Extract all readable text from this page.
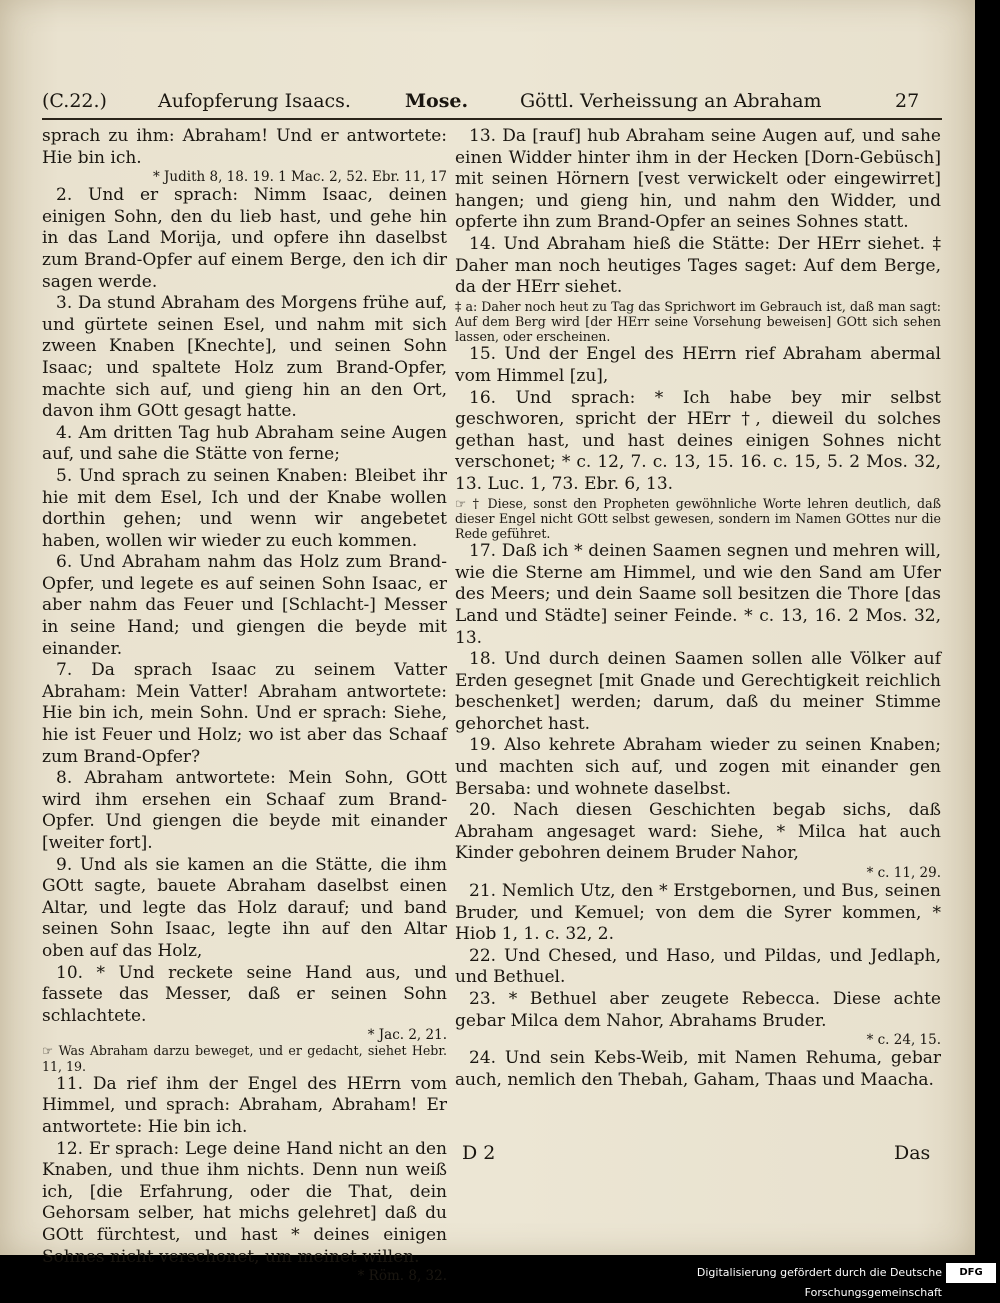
(C.22.)	Aufopferung Isaacs.	Mose.	Göttl. Verheissung an Abraham	27

sprach zu ihm: Abraham! Und er antwortete: Hie bin ich.

* Judith 8, 18. 19. 1 Mac. 2, 52. Ebr. 11, 17

2. Und er sprach: Nimm Isaac, deinen einigen Sohn, den du lieb hast, und gehe hin in das Land Morija, und opfere ihn daselbst zum Brand-Opfer auf einem Berge, den ich dir sagen werde.

3. Da stund Abraham des Morgens frühe auf, und gürtete seinen Esel, und nahm mit sich zween Knaben [Knechte], und seinen Sohn Isaac; und spaltete Holz zum Brand-Opfer, machte sich auf, und gieng hin an den Ort, davon ihm GOtt gesagt hatte.

4. Am dritten Tag hub Abraham seine Augen auf, und sahe die Stätte von ferne;

5. Und sprach zu seinen Knaben: Bleibet ihr hie mit dem Esel, Ich und der Knabe wollen dorthin gehen; und wenn wir angebetet haben, wollen wir wieder zu euch kommen.

6. Und Abraham nahm das Holz zum Brand-Opfer, und legete es auf seinen Sohn Isaac, er aber nahm das Feuer und [Schlacht-] Messer in seine Hand; und giengen die beyde mit einander.

7. Da sprach Isaac zu seinem Vatter Abraham: Mein Vatter! Abraham antwortete: Hie bin ich, mein Sohn. Und er sprach: Siehe, hie ist Feuer und Holz; wo ist aber das Schaaf zum Brand-Opfer?

8. Abraham antwortete: Mein Sohn, GOtt wird ihm ersehen ein Schaaf zum Brand-Opfer. Und giengen die beyde mit einander [weiter fort].

9. Und als sie kamen an die Stätte, die ihm GOtt sagte, bauete Abraham daselbst einen Altar, und legte das Holz darauf; und band seinen Sohn Isaac, legte ihn auf den Altar oben auf das Holz,

10. * Und reckete seine Hand aus, und fassete das Messer, daß er seinen Sohn schlachtete.

* Jac. 2, 21.

☞ Was Abraham darzu beweget, und er gedacht, siehet Hebr. 11, 19.

11. Da rief ihm der Engel des HErrn vom Himmel, und sprach: Abraham, Abraham! Er antwortete: Hie bin ich.

12. Er sprach: Lege deine Hand nicht an den Knaben, und thue ihm nichts. Denn nun weiß ich, [die Erfahrung, oder die That, dein Gehorsam selber, hat michs gelehret] daß du GOtt fürchtest, und hast * deines einigen Sohnes nicht verschonet, um meinet willen.

* Röm. 8, 32.

13. Da [rauf] hub Abraham seine Augen auf, und sahe einen Widder hinter ihm in der Hecken [Dorn-Gebüsch] mit seinen Hörnern [vest verwickelt oder eingewirret] hangen; und gieng hin, und nahm den Widder, und opferte ihn zum Brand-Opfer an seines Sohnes statt.

14. Und Abraham hieß die Stätte: Der HErr siehet. ‡ Daher man noch heutiges Tages saget: Auf dem Berge, da der HErr siehet.

‡ a: Daher noch heut zu Tag das Sprichwort im Gebrauch ist, daß man sagt: Auf dem Berg wird [der HErr seine Vorsehung beweisen] GOtt sich sehen lassen, oder erscheinen.

15. Und der Engel des HErrn rief Abraham abermal vom Himmel [zu],

16. Und sprach: * Ich habe bey mir selbst geschworen, spricht der HErr †, dieweil du solches gethan hast, und hast deines einigen Sohnes nicht verschonet; * c. 12, 7. c. 13, 15. 16. c. 15, 5. 2 Mos. 32, 13. Luc. 1, 73. Ebr. 6, 13.

☞ † Diese, sonst den Propheten gewöhnliche Worte lehren deutlich, daß dieser Engel nicht GOtt selbst gewesen, sondern im Namen GOttes nur die Rede geführet.

17. Daß ich * deinen Saamen segnen und mehren will, wie die Sterne am Himmel, und wie den Sand am Ufer des Meers; und dein Saame soll besitzen die Thore [das Land und Städte] seiner Feinde. * c. 13, 16. 2 Mos. 32, 13.

18. Und durch deinen Saamen sollen alle Völker auf Erden gesegnet [mit Gnade und Gerechtigkeit reichlich beschenket] werden; darum, daß du meiner Stimme gehorchet hast.

19. Also kehrete Abraham wieder zu seinen Knaben; und machten sich auf, und zogen mit einander gen Bersaba: und wohnete daselbst.

20. Nach diesen Geschichten begab sichs, daß Abraham angesaget ward: Siehe, * Milca hat auch Kinder gebohren deinem Bruder Nahor,

* c. 11, 29.

21. Nemlich Utz, den * Erstgebornen, und Bus, seinen Bruder, und Kemuel; von dem die Syrer kommen, * Hiob 1, 1. c. 32, 2.

22. Und Chesed, und Haso, und Pildas, und Jedlaph, und Bethuel.

23. * Bethuel aber zeugete Rebecca. Diese achte gebar Milca dem Nahor, Abrahams Bruder.

* c. 24, 15.

24. Und sein Kebs-Weib, mit Namen Rehuma, gebar auch, nemlich den Thebah, Gaham, Thaas und Maacha.

D 2	Das
Digitalisierung gefördert durch die Deutsche Forschungsgemeinschaft
DFG
